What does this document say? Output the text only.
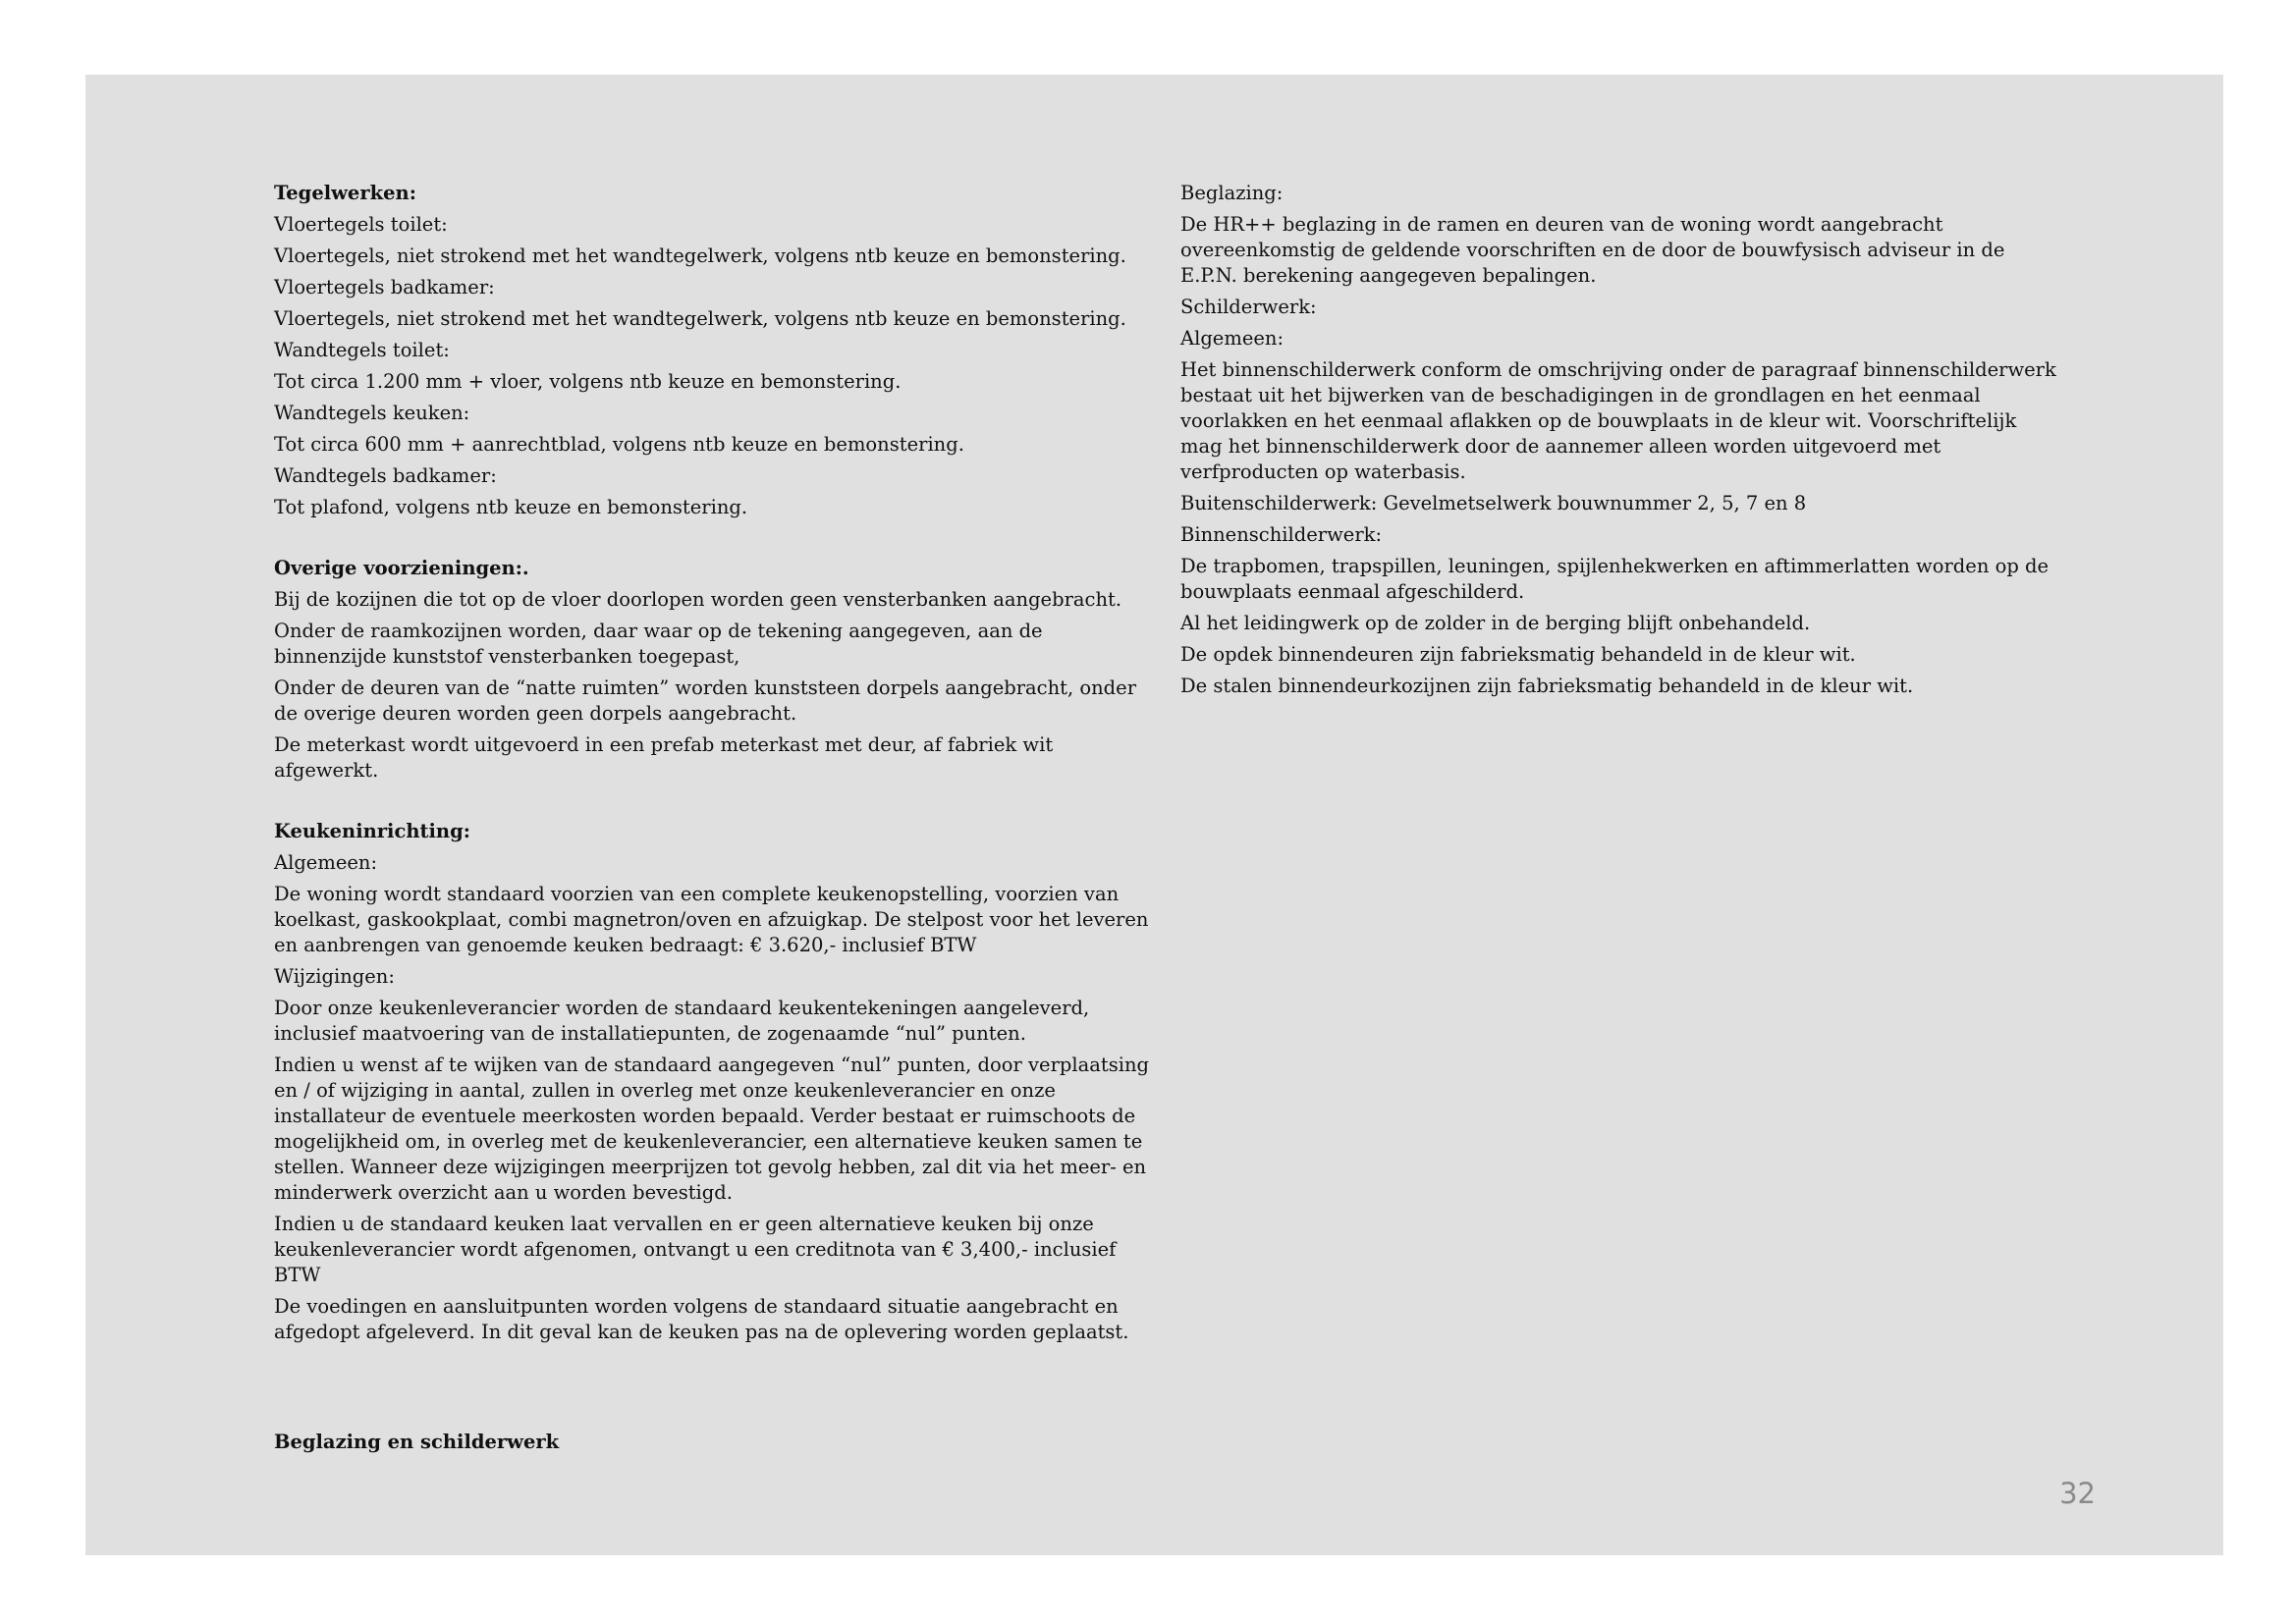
Tegelwerken:
Vloertegels toilet:
Vloertegels, niet strokend met het wandtegelwerk, volgens ntb keuze en bemonstering.
Vloertegels badkamer:
Vloertegels, niet strokend met het wandtegelwerk, volgens ntb keuze en bemonstering.
Wandtegels toilet:
Tot circa 1.200 mm + vloer, volgens ntb keuze en bemonstering.
Wandtegels keuken:
Tot circa 600 mm + aanrechtblad, volgens ntb keuze en bemonstering.
Wandtegels badkamer:
Tot plafond, volgens ntb keuze en bemonstering.
Overige voorzieningen:.
Bij de kozijnen die tot op de vloer doorlopen worden geen vensterbanken aangebracht.
Onder de raamkozijnen worden, daar waar op de tekening aangegeven, aan de binnenzijde kunststof vensterbanken toegepast,
Onder de deuren van de “natte ruimten” worden kunststeen dorpels aangebracht, onder de overige deuren worden geen dorpels aangebracht.
De meterkast wordt uitgevoerd in een prefab meterkast met deur, af fabriek wit afgewerkt.
Keukeninrichting:
Algemeen:
De woning wordt standaard voorzien van een complete keukenopstelling, voorzien van koelkast, gaskookplaat, combi magnetron/oven en afzuigkap. De stelpost voor het leveren en aanbrengen van genoemde keuken bedraagt: € 3.620,- inclusief BTW
Wijzigingen:
Door onze keukenleverancier worden de standaard keukentekeningen aangeleverd, inclusief maatvoering van de installatiepunten, de zogenaamde “nul” punten.
Indien u wenst af te wijken van de standaard aangegeven “nul” punten, door verplaatsing en / of wijziging in aantal, zullen in overleg met onze keukenleverancier en onze installateur de eventuele meerkosten worden bepaald. Verder bestaat er ruimschoots de mogelijkheid om, in overleg met de keukenleverancier, een alternatieve keuken samen te stellen. Wanneer deze wijzigingen meerprijzen tot gevolg hebben, zal dit via het meer- en minderwerk overzicht aan u worden bevestigd.
Indien u de standaard keuken laat vervallen en er geen alternatieve keuken bij onze keukenleverancier wordt afgenomen, ontvangt u een creditnota van € 3,400,- inclusief BTW
De voedingen en aansluitpunten worden volgens de standaard situatie aangebracht en afgedopt afgeleverd. In dit geval kan de keuken pas na de oplevering worden geplaatst.
Beglazing en schilderwerk
Beglazing:
De HR++ beglazing in de ramen en deuren van de woning wordt aangebracht overeenkomstig de geldende voorschriften en de door de bouwfysisch adviseur in de E.P.N. berekening aangegeven bepalingen.
Schilderwerk:
Algemeen:
Het binnenschilderwerk conform de omschrijving onder de paragraaf binnenschilderwerk bestaat uit het bijwerken van de beschadigingen in de grondlagen en het eenmaal voorlakken en het eenmaal aflakken op de bouwplaats in de kleur wit. Voorschriftelijk mag het binnenschilderwerk door de aannemer alleen worden uitgevoerd met verfproducten op waterbasis.
Buitenschilderwerk: Gevelmetselwerk bouwnummer 2, 5, 7 en 8
Binnenschilderwerk:
De trapbomen, trapspillen, leuningen, spijlenhekwerken en aftimmerlatten worden op de bouwplaats eenmaal afgeschilderd.
Al het leidingwerk op de zolder in de berging blijft onbehandeld.
De opdek binnendeuren zijn fabrieksmatig behandeld in de kleur wit.
De stalen binnendeurkozijnen zijn fabrieksmatig behandeld in de kleur wit.
32
